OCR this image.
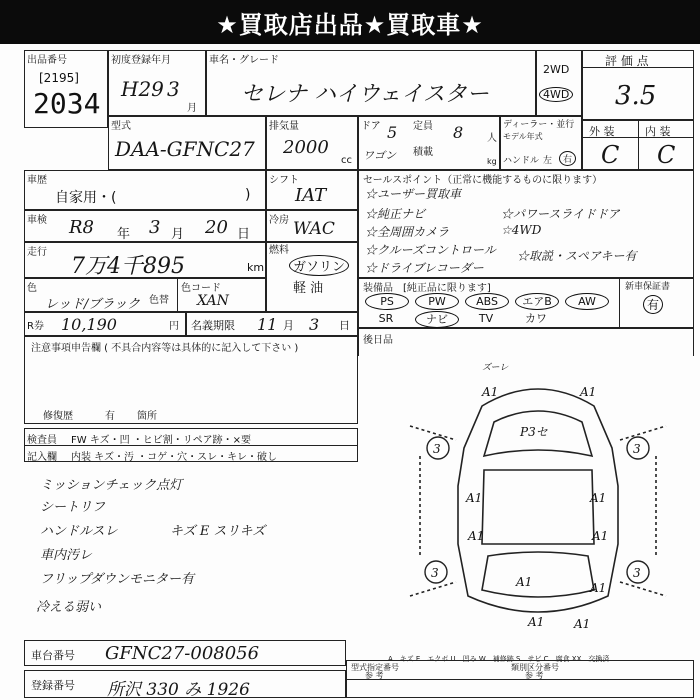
★買取店出品★買取車★
出品番号
[2195]
2034
初度登録年月
H29 3
月
車名・グレード
セレナ ハイウェイスター
2WD
4WD
評 価 点
3.5
外 装	内 装
C C
型式
DAA-GFNC27
排気量
2000
cc
ドア 5 定員 8 人
ワゴン 積載
kg
ディーラー・並行
モデル年式
ハンドル 左	右
車歴
自家用・(	)
シフト
IAT
車検 R8 年 3 月 20 日
冷房 WAC
走行
7万4千895	km
燃料
ガソリン
軽 油
色
レッド/ブラック 色替
色コード
XAN
R券 10,190	円 名義期限 11 月 3 日
セールスポイント（正常に機能するものに限ります）
☆ユーザー買取車
☆純正ナビ	☆パワースライドドア
☆全周囲カメラ	☆4WD
☆クルーズコントロール ☆取説・スペアキー有
☆ドライブレコーダー
装備品 [純正品に限ります]	新車保証書
有
PS	PW	ABS	エアB	AW
SR	ナビ	TV	カワ
後日品
注意事項申告欄 ( 不具合内容等は具体的に記入して下さい )
修復歴	有 箇所
検査員 FW キズ・凹 ・ヒビ割・リペア跡・×要
記入欄 内装 キズ・汚 ・コゲ・穴・スレ・キレ・破し
ミッションチェック点灯
シートリフ
ハンドルスレ	キズ E スリキズ
車内汚レ
フリップダウンモニター有
冷える弱い
3	3
3	3
P3セ
A1	A1
A1	A1
A1	A1
A1	A1
A1 A1
ズーレ
A…キズ E…エクボ U…凹み W…補修跡 S…サビ C…腐食 XX…交換済
車台番号 GFNC27-008056
登録番号 所沢 330 み 1926
型式指定番号
参 考
類別区分番号
参 考
